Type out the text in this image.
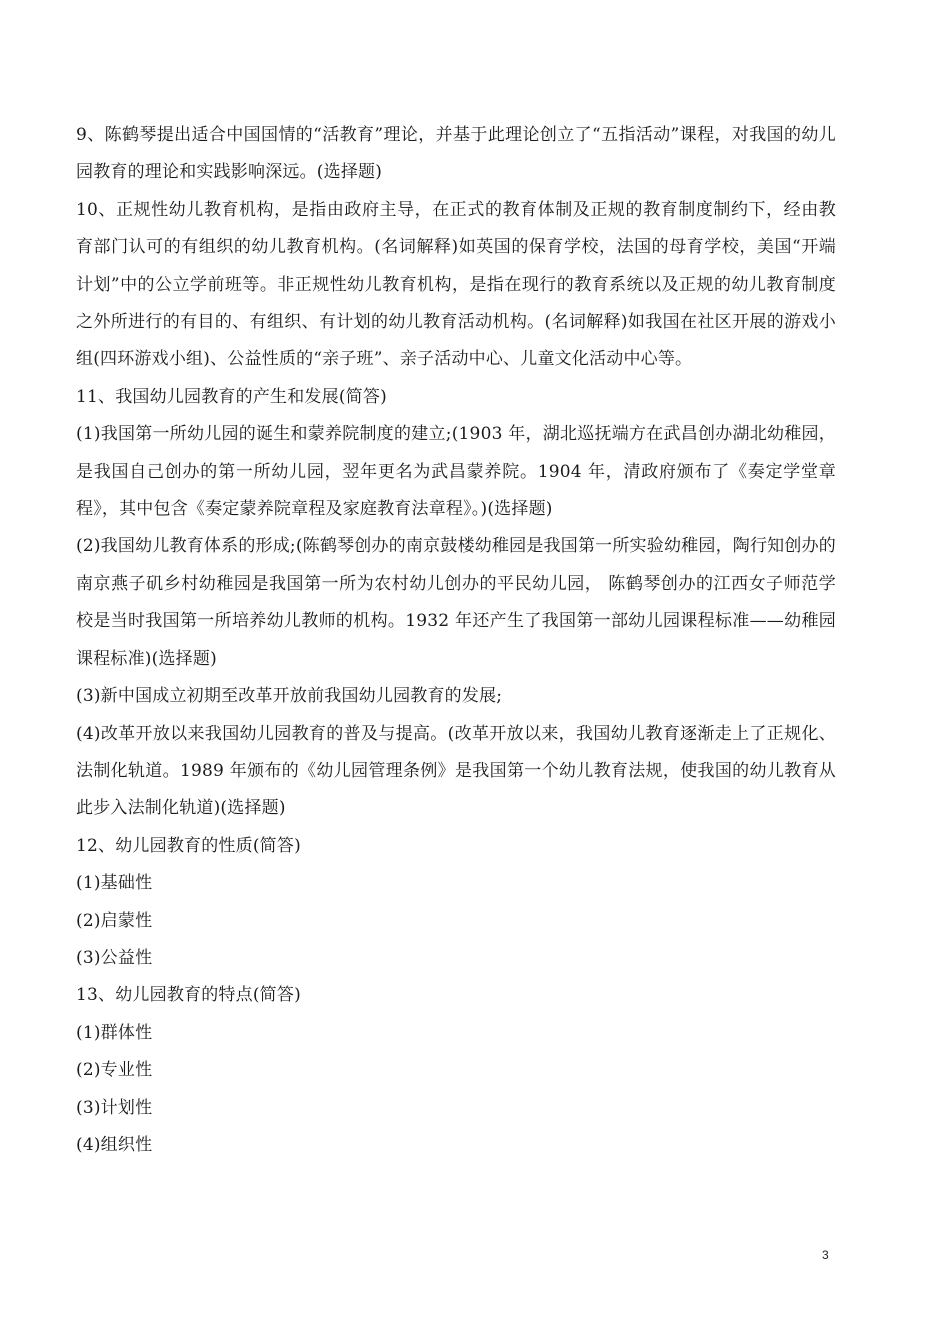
9、陈鹤琴提出适合中国国情的“活教育”理论，并基于此理论创立了“五指活动”课程，对我国的幼儿园教育的理论和实践影响深远。(选择题)

10、正规性幼儿教育机构，是指由政府主导，在正式的教育体制及正规的教育制度制约下，经由教育部门认可的有组织的幼儿教育机构。(名词解释)如英国的保育学校，法国的母育学校，美国“开端计划”中的公立学前班等。非正规性幼儿教育机构，是指在现行的教育系统以及正规的幼儿教育制度之外所进行的有目的、有组织、有计划的幼儿教育活动机构。(名词解释)如我国在社区开展的游戏小组(四环游戏小组)、公益性质的“亲子班”、亲子活动中心、儿童文化活动中心等。

11、我国幼儿园教育的产生和发展(简答)

(1)我国第一所幼儿园的诞生和蒙养院制度的建立;(1903 年，湖北巡抚端方在武昌创办湖北幼稚园，是我国自己创办的第一所幼儿园，翌年更名为武昌蒙养院。1904 年，清政府颁布了《奏定学堂章程》，其中包含《奏定蒙养院章程及家庭教育法章程》。)(选择题)

(2)我国幼儿教育体系的形成;(陈鹤琴创办的南京鼓楼幼稚园是我国第一所实验幼稚园，陶行知创办的南京燕子矶乡村幼稚园是我国第一所为农村幼儿创办的平民幼儿园， 陈鹤琴创办的江西女子师范学校是当时我国第一所培养幼儿教师的机构。1932 年还产生了我国第一部幼儿园课程标准——幼稚园课程标准)(选择题)

(3)新中国成立初期至改革开放前我国幼儿园教育的发展;

(4)改革开放以来我国幼儿园教育的普及与提高。(改革开放以来，我国幼儿教育逐渐走上了正规化、法制化轨道。1989 年颁布的《幼儿园管理条例》是我国第一个幼儿教育法规，使我国的幼儿教育从此步入法制化轨道)(选择题)

12、幼儿园教育的性质(简答)

(1)基础性

(2)启蒙性

(3)公益性

13、幼儿园教育的特点(简答)

(1)群体性

(2)专业性

(3)计划性

(4)组织性

3
